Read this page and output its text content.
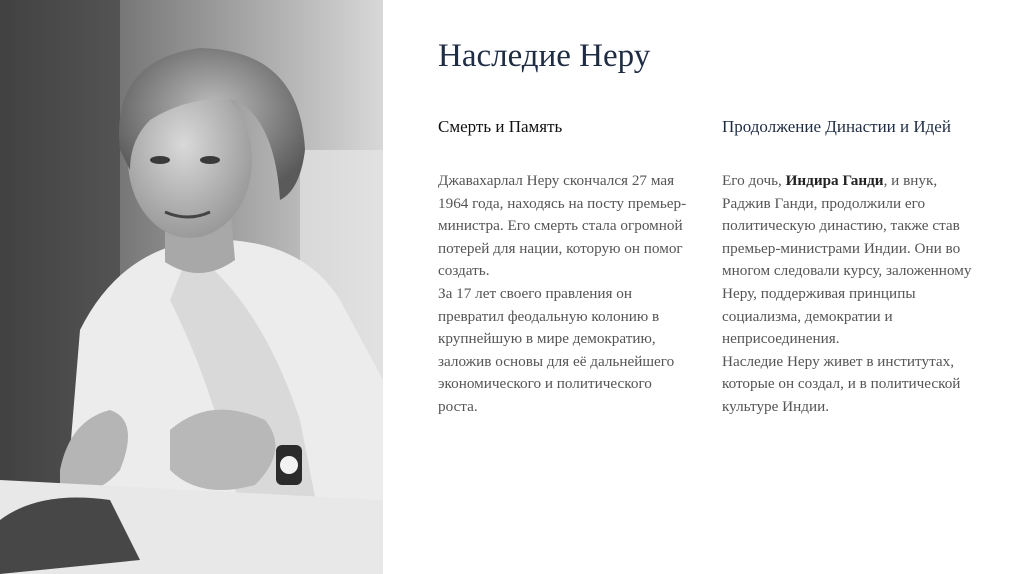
Наследие Неру
Смерть и Память	Продолжение Династии и Идей

Джавахарлал Неру скончался 27 мая 1964 года, находясь на посту премьер-министра. Его смерть стала огромной потерей для нации, которую он помог создать.

За 17 лет своего правления он превратил феодальную колонию в крупнейшую в мире демократию, заложив основы для её дальнейшего экономического и политического роста.

Его дочь, Индира Ганди, и внук, Раджив Ганди, продолжили его политическую династию, также став премьер-министрами Индии. Они во многом следовали курсу, заложенному Неру, поддерживая принципы социализма, демократии и неприсоединения.

Наследие Неру живет в институтах, которые он создал, и в политической культуре Индии.
